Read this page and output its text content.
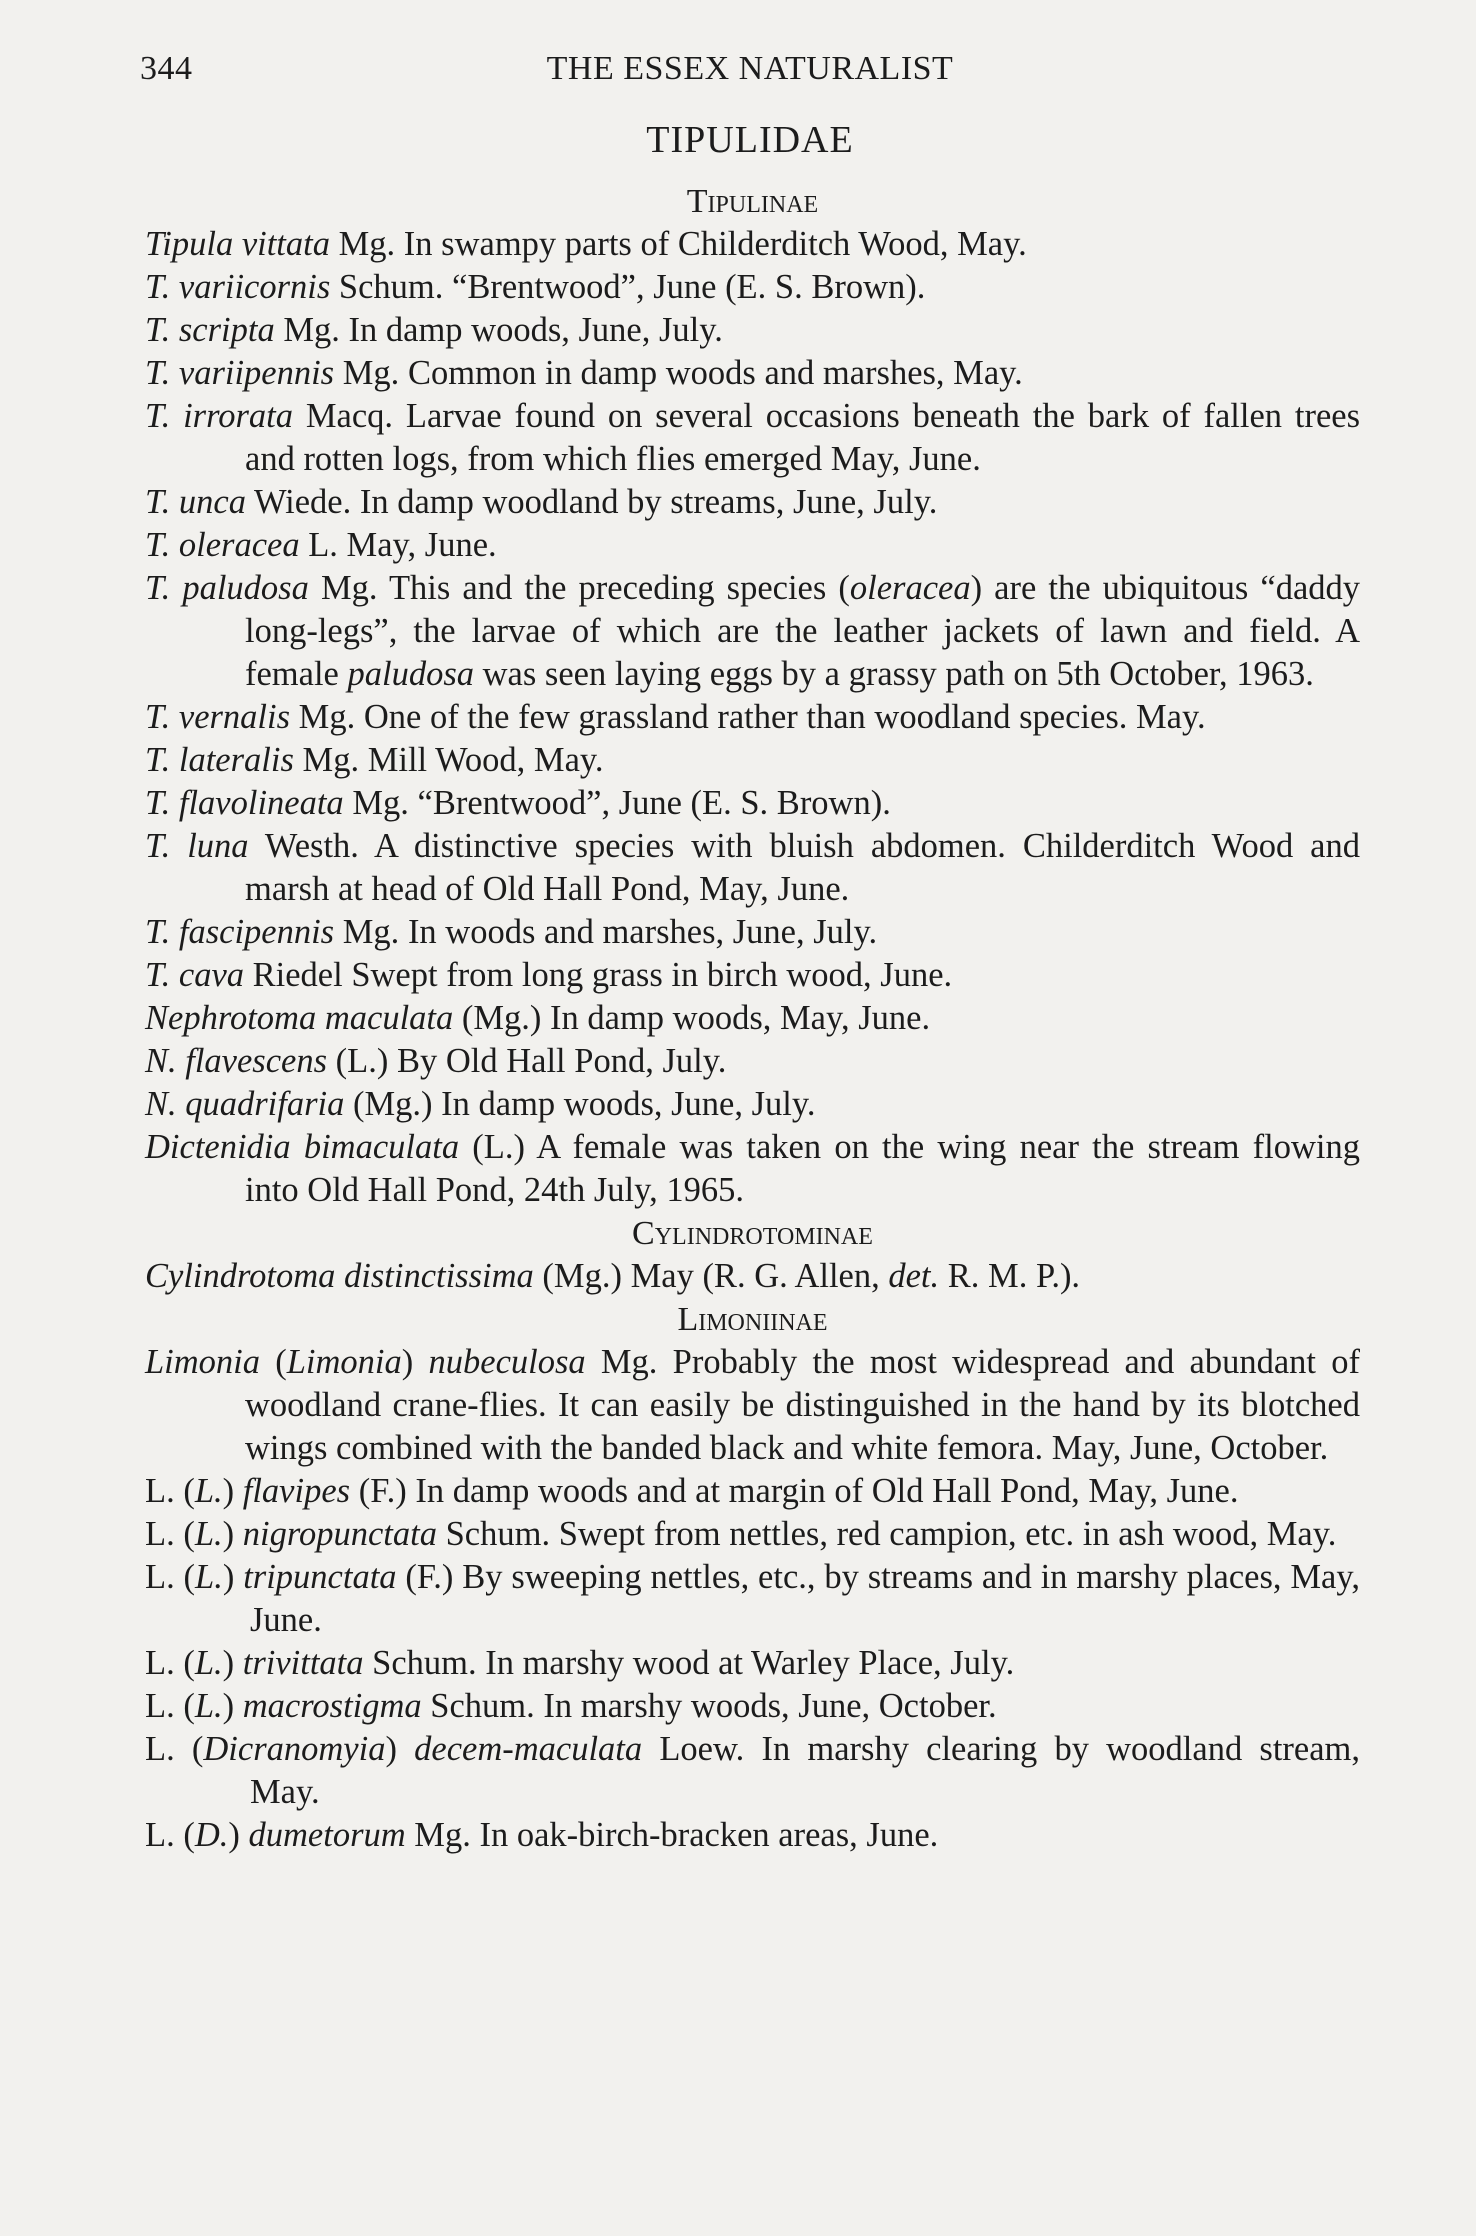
344	THE ESSEX NATURALIST
TIPULIDAE

Tipulinae

Tipula vittata Mg. In swampy parts of Childerditch Wood, May.

T. variicornis Schum. “Brentwood”, June (E. S. Brown).

T. scripta Mg. In damp woods, June, July.

T. variipennis Mg. Common in damp woods and marshes, May.

T. irrorata Macq. Larvae found on several occasions beneath the bark of fallen trees and rotten logs, from which flies emerged May, June.

T. unca Wiede. In damp woodland by streams, June, July.

T. oleracea L. May, June.

T. paludosa Mg. This and the preceding species (oleracea) are the ubiquitous “daddy long-legs”, the larvae of which are the leather jackets of lawn and field. A female paludosa was seen laying eggs by a grassy path on 5th October, 1963.

T. vernalis Mg. One of the few grassland rather than woodland species. May.

T. lateralis Mg. Mill Wood, May.

T. flavolineata Mg. “Brentwood”, June (E. S. Brown).

T. luna Westh. A distinctive species with bluish abdomen. Childerditch Wood and marsh at head of Old Hall Pond, May, June.

T. fascipennis Mg. In woods and marshes, June, July.

T. cava Riedel Swept from long grass in birch wood, June.

Nephrotoma maculata (Mg.) In damp woods, May, June.

N. flavescens (L.) By Old Hall Pond, July.

N. quadrifaria (Mg.) In damp woods, June, July.

Dictenidia bimaculata (L.) A female was taken on the wing near the stream flowing into Old Hall Pond, 24th July, 1965.

Cylindrotominae

Cylindrotoma distinctissima (Mg.) May (R. G. Allen, det. R. M. P.).

Limoniinae

Limonia (Limonia) nubeculosa Mg. Probably the most widespread and abundant of woodland crane-flies. It can easily be distinguished in the hand by its blotched wings combined with the banded black and white femora. May, June, October.

L. (L.) flavipes (F.) In damp woods and at margin of Old Hall Pond, May, June.

L. (L.) nigropunctata Schum. Swept from nettles, red campion, etc. in ash wood, May.

L. (L.) tripunctata (F.) By sweeping nettles, etc., by streams and in marshy places, May, June.

L. (L.) trivittata Schum. In marshy wood at Warley Place, July.

L. (L.) macrostigma Schum. In marshy woods, June, October.

L. (Dicranomyia) decem-maculata Loew. In marshy clearing by woodland stream, May.

L. (D.) dumetorum Mg. In oak-birch-bracken areas, June.
